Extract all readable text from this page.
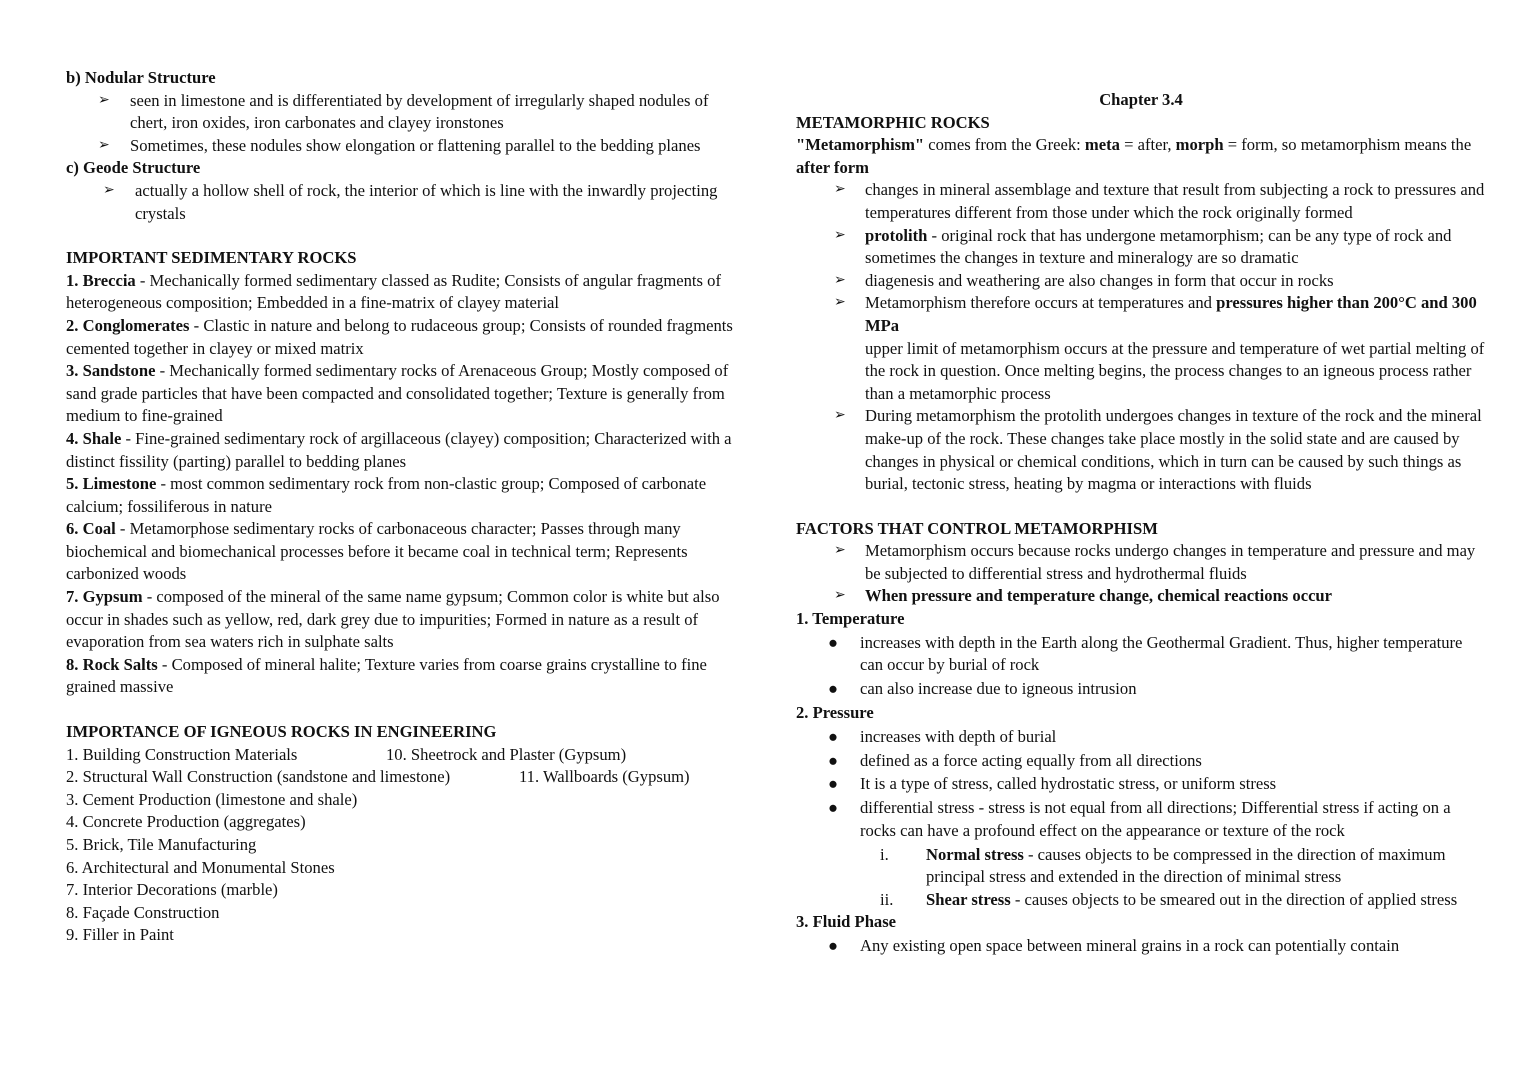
b) Nodular Structure

➢ seen in limestone and is differentiated by development of irregularly shaped nodules of chert, iron oxides, iron carbonates and clayey ironstones
➢ Sometimes, these nodules show elongation or flattening parallel to the bedding planes

c) Geode Structure

➢ actually a hollow shell of rock, the interior of which is line with the inwardly projecting crystals

IMPORTANT SEDIMENTARY ROCKS

1. Breccia - Mechanically formed sedimentary classed as Rudite; Consists of angular fragments of heterogeneous composition; Embedded in a fine-matrix of clayey material

2. Conglomerates - Clastic in nature and belong to rudaceous group; Consists of rounded fragments cemented together in clayey or mixed matrix

3. Sandstone - Mechanically formed sedimentary rocks of Arenaceous Group; Mostly composed of sand grade particles that have been compacted and consolidated together; Texture is generally from medium to fine-grained

4. Shale - Fine-grained sedimentary rock of argillaceous (clayey) composition; Characterized with a distinct fissility (parting) parallel to bedding planes

5. Limestone - most common sedimentary rock from non-clastic group; Composed of carbonate calcium; fossiliferous in nature

6. Coal - Metamorphose sedimentary rocks of carbonaceous character; Passes through many biochemical and biomechanical processes before it became coal in technical term; Represents carbonized woods

7. Gypsum - composed of the mineral of the same name gypsum; Common color is white but also occur in shades such as yellow, red, dark grey due to impurities; Formed in nature as a result of evaporation from sea waters rich in sulphate salts

8. Rock Salts - Composed of mineral halite; Texture varies from coarse grains crystalline to fine grained massive

IMPORTANCE OF IGNEOUS ROCKS IN ENGINEERING

1. Building Construction Materials	10. Sheetrock and Plaster (Gypsum)

2. Structural Wall Construction (sandstone and limestone)	11. Wallboards (Gypsum)

3. Cement Production (limestone and shale)

4. Concrete Production (aggregates)

5. Brick, Tile Manufacturing

6. Architectural and Monumental Stones

7. Interior Decorations (marble)

8. Façade Construction

9. Filler in Paint

Chapter 3.4

METAMORPHIC ROCKS

"Metamorphism" comes from the Greek: meta = after, morph = form, so metamorphism means the after form

➢ changes in mineral assemblage and texture that result from subjecting a rock to pressures and temperatures different from those under which the rock originally formed
➢ protolith - original rock that has undergone metamorphism; can be any type of rock and sometimes the changes in texture and mineralogy are so dramatic
➢ diagenesis and weathering are also changes in form that occur in rocks
➢ Metamorphism therefore occurs at temperatures and pressures higher than 200°C and 300 MPa
upper limit of metamorphism occurs at the pressure and temperature of wet partial melting of the rock in question. Once melting begins, the process changes to an igneous process rather than a metamorphic process
➢ During metamorphism the protolith undergoes changes in texture of the rock and the mineral make-up of the rock. These changes take place mostly in the solid state and are caused by changes in physical or chemical conditions, which in turn can be caused by such things as burial, tectonic stress, heating by magma or interactions with fluids

FACTORS THAT CONTROL METAMORPHISM

➢ Metamorphism occurs because rocks undergo changes in temperature and pressure and may be subjected to differential stress and hydrothermal fluids
➢ When pressure and temperature change, chemical reactions occur

1. Temperature

● increases with depth in the Earth along the Geothermal Gradient. Thus, higher temperature can occur by burial of rock
● can also increase due to igneous intrusion

2. Pressure

● increases with depth of burial
● defined as a force acting equally from all directions
● It is a type of stress, called hydrostatic stress, or uniform stress
● differential stress - stress is not equal from all directions; Differential stress if acting on a rocks can have a profound effect on the appearance or texture of the rock
i. Normal stress - causes objects to be compressed in the direction of maximum principal stress and extended in the direction of minimal stress
ii. Shear stress - causes objects to be smeared out in the direction of applied stress

3. Fluid Phase

● Any existing open space between mineral grains in a rock can potentially contain
